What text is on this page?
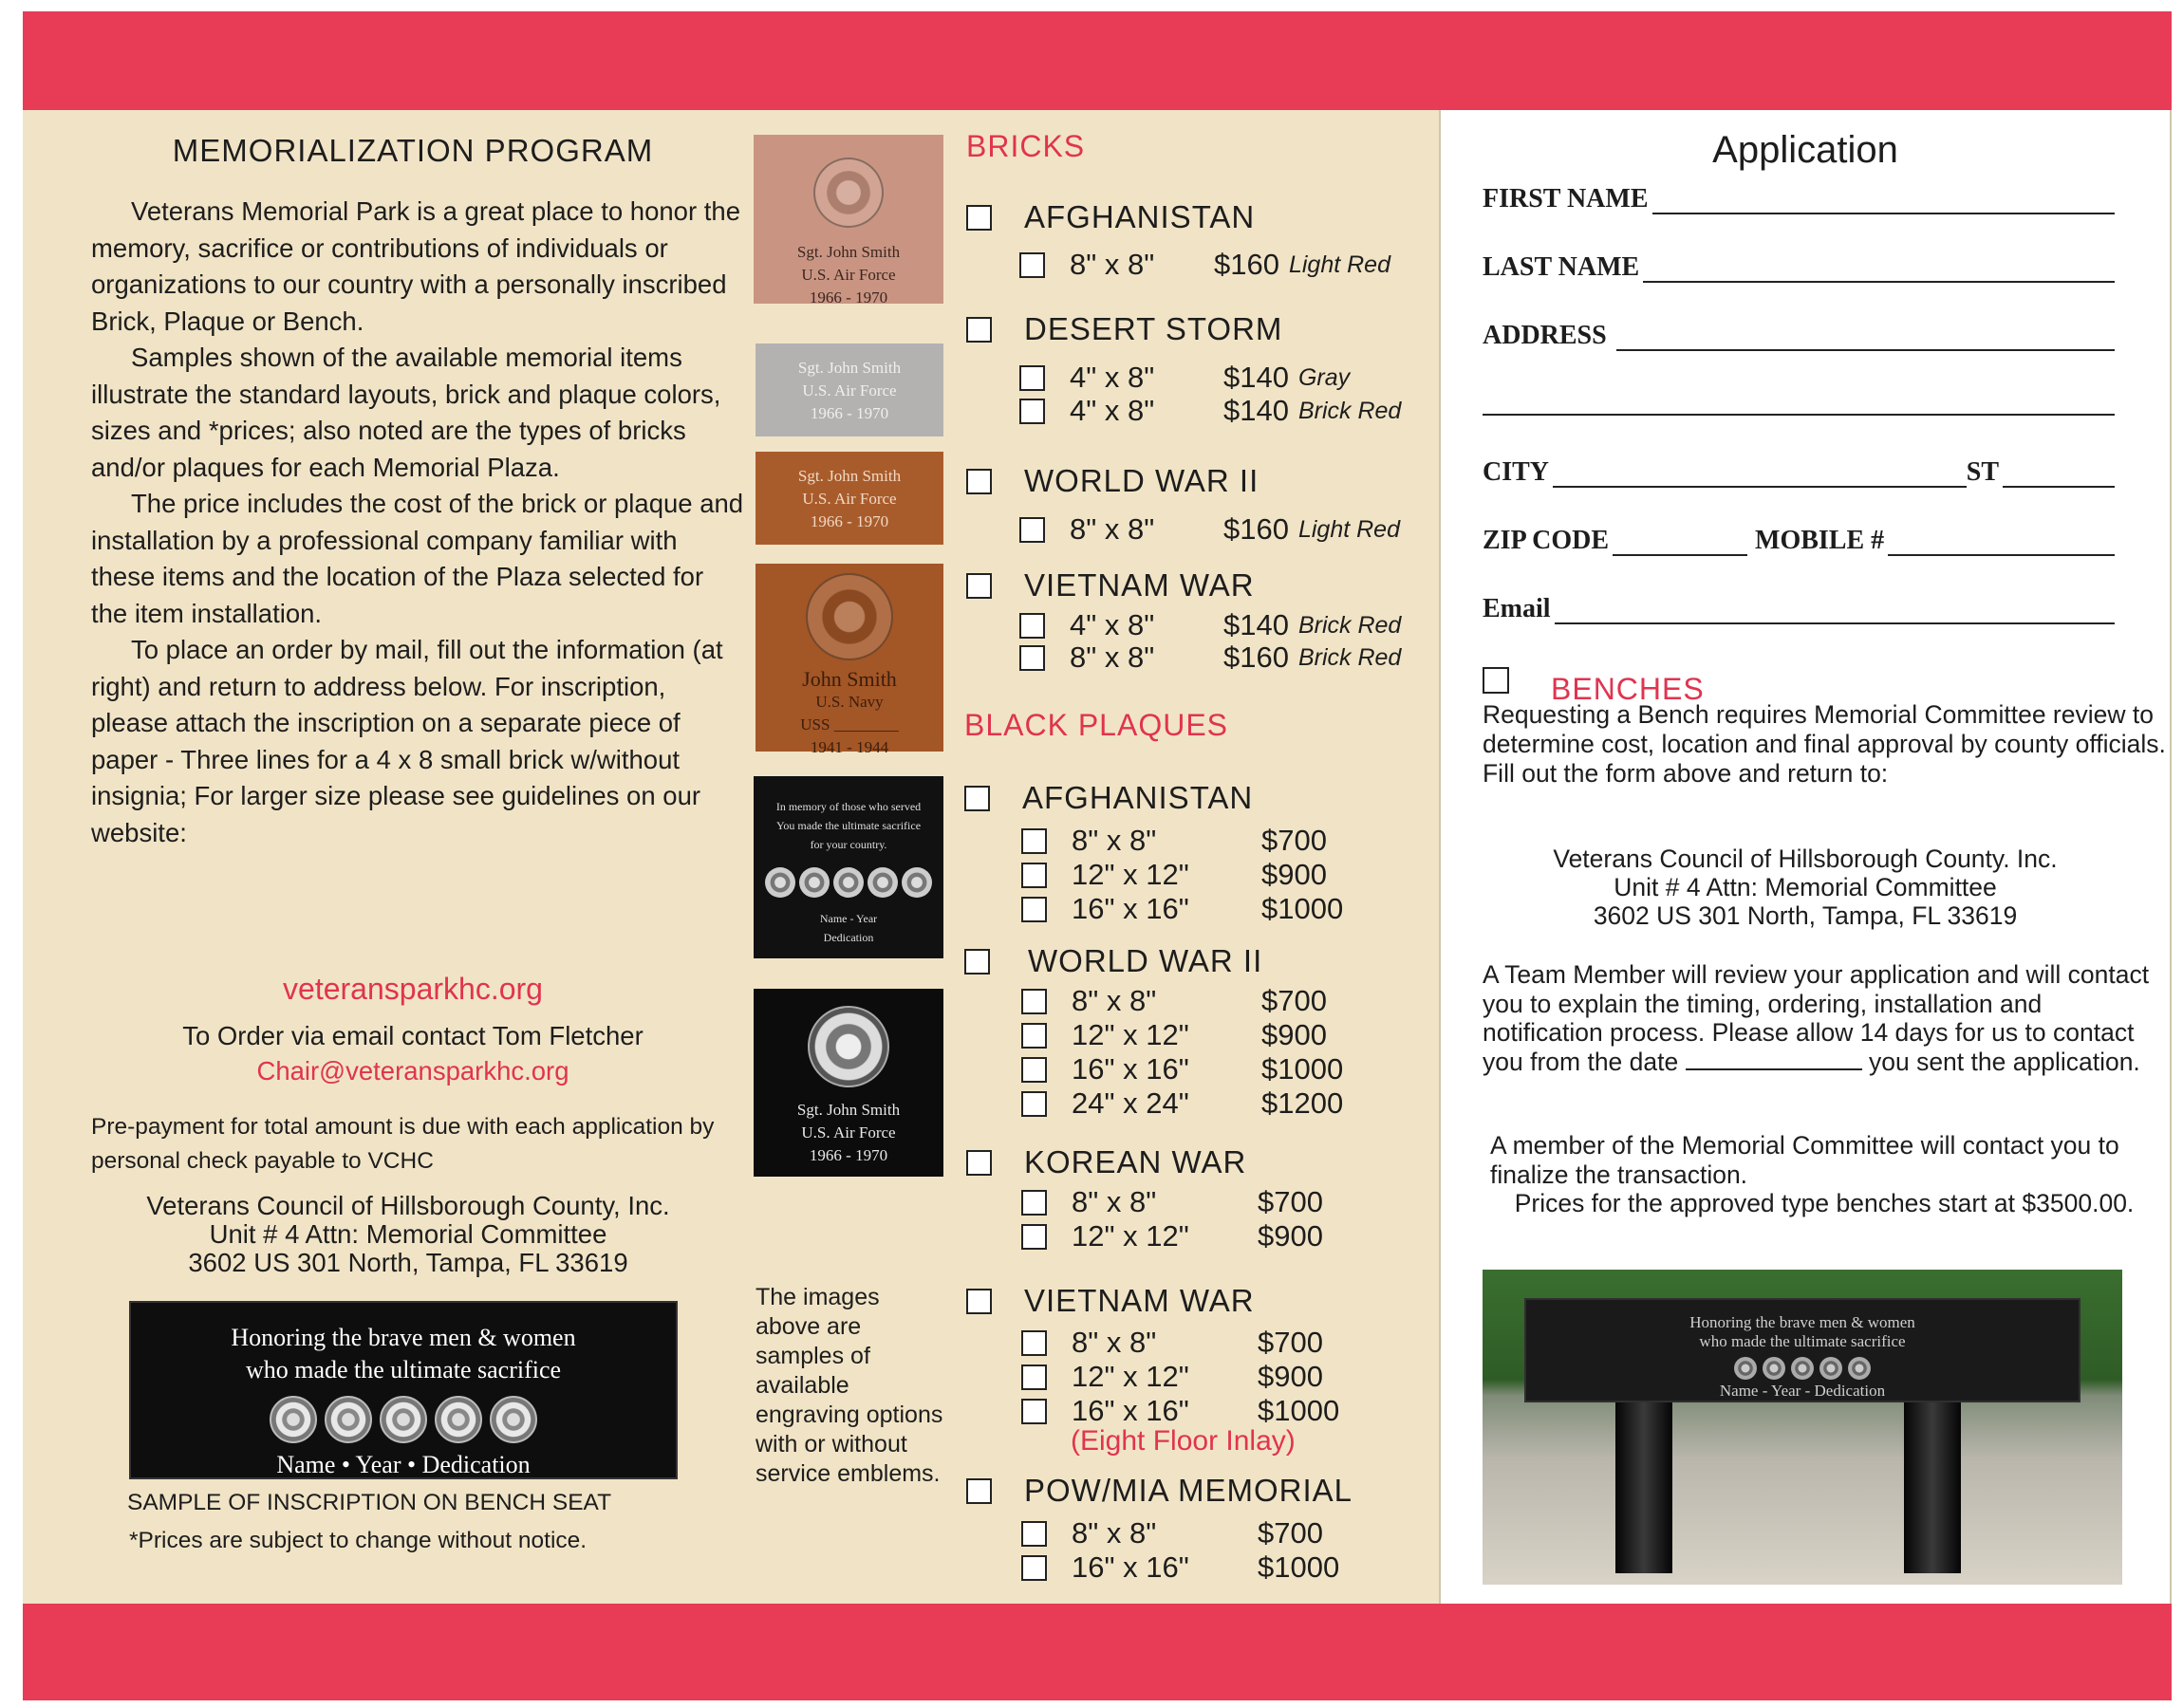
MEMORIALIZATION PROGRAM

Veterans Memorial Park is a great place to honor the memory, sacrifice or contributions of individuals or organizations to our country with a personally inscribed Brick, Plaque or Bench.

Samples shown of the available memorial items illustrate the standard layouts, brick and plaque colors, sizes and *prices; also noted are the types of bricks and/or plaques for each Memorial Plaza.

The price includes the cost of the brick or plaque and installation by a professional company familiar with these items and the location of the Plaza selected for the item installation.

To place an order by mail, fill out the information (at right) and return to address below. For inscription, please attach the inscription on a separate piece of paper - Three lines for a 4 x 8 small brick w/without insignia; For larger size please see guidelines on our website:

veteransparkhc.org
To Order via email contact Tom Fletcher
Chair@veteransparkhc.org
Pre-payment for total amount is due with each application by personal check payable to VCHC
Veterans Council of Hillsborough County, Inc.
Unit # 4 Attn: Memorial Committee
3602 US 301 North, Tampa, FL 33619
Honoring the brave men & women
who made the ultimate sacrifice
Name • Year • Dedication
SAMPLE OF INSCRIPTION ON BENCH SEAT
*Prices are subject to change without notice.
Sgt. John Smith
U.S. Air Force
1966 - 1970
Sgt. John Smith
U.S. Air Force
1966 - 1970
Sgt. John Smith
U.S. Air Force
1966 - 1970
John Smith
U.S. Navy
USS ________
1941 - 1944
In memory of those who served
You made the ultimate sacrifice
for your country.
Name - Year
Dedication
Sgt. John Smith
U.S. Air Force
1966 - 1970
The images above are samples of available engraving options with or without service emblems.
BRICKS
AFGHANISTAN
8" x 8"	$160 Light Red
DESERT STORM
4" x 8"	$140 Gray
4" x 8"	$140 Brick Red
WORLD WAR II
8" x 8"	$160 Light Red
VIETNAM WAR
4" x 8"	$140 Brick Red
8" x 8"	$160 Brick Red
BLACK PLAQUES
AFGHANISTAN
8" x 8"	$700
12" x 12"	$900
16" x 16"	$1000
WORLD WAR II
8" x 8"	$700
12" x 12"	$900
16" x 16"	$1000
24" x 24"	$1200
KOREAN WAR
8" x 8"	$700
12" x 12"	$900
VIETNAM WAR
8" x 8"	$700
12" x 12"	$900
16" x 16"	$1000
(Eight Floor Inlay)
POW/MIA MEMORIAL
8" x 8"	$700
16" x 16"	$1000
Application
FIRST NAME
LAST NAME
ADDRESS
CITY	ST
ZIP CODE	MOBILE #
Email
BENCHES
Requesting a Bench requires Memorial Committee review to determine cost, location and final approval by county officials.
Fill out the form above and return to:
Veterans Council of Hillsborough County. Inc.
Unit # 4 Attn: Memorial Committee
3602 US 301 North, Tampa, FL 33619
A Team Member will review your application and will contact you to explain the timing, ordering, installation and notification process. Please allow 14 days for us to contact you from the date	you sent the application.
A member of the Memorial Committee will contact you to finalize the transaction.
Prices for the approved type benches start at $3500.00.
Honoring the brave men & women
who made the ultimate sacrifice
Name - Year - Dedication
